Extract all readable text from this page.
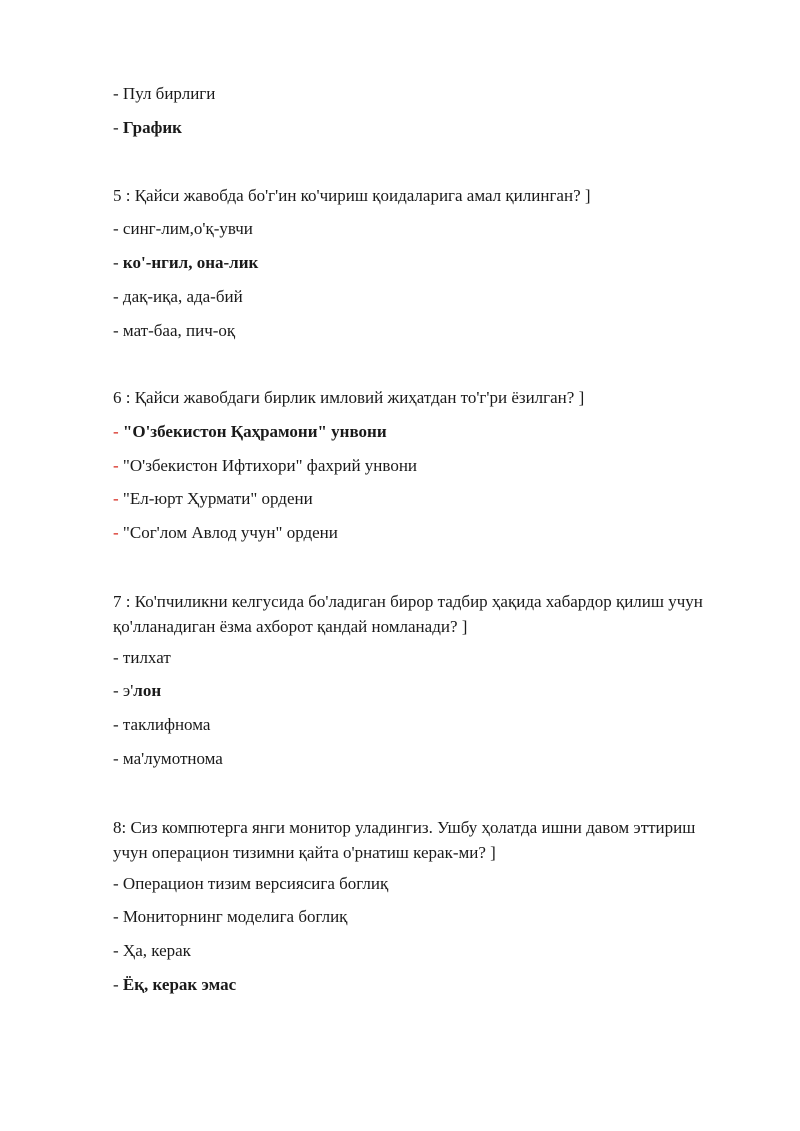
- Пул бирлиги
- График
5 : Қайси жавобда бо'г'ин ко'чириш қоидаларига амал қилинган? ]
- синг-лим,о'қ-увчи
- ко'-нгил, она-лик
- дақ-иқа, ада-бий
- мат-баа, пич-оқ
6 : Қайси жавобдаги бирлик имловий жиҳатдан то'г'ри ёзилган? ]
- "O'збекистон Қаҳрамони" унвони
- "O'збекистон Ифтихори" фахрий унвони
- "Ел-юрт Ҳурмати" ордени
- "Сог'лом Авлод учун" ордени
7 : Ко'пчиликни келгусида бо'ладиган бирор тадбир ҳақида хабардор қилиш учун қо'лланадиган ёзма ахборот қандай номланади? ]
- тилхат
- э'лон
- таклифнома
- ма'лумотнома
8: Сиз компютерга янги монитор уладингиз. Ушбу ҳолатда ишни давом эттириш учун операцион тизимни қайта о'рнатиш керак-ми? ]
- Операцион тизим версиясига боглиқ
- Мониторнинг моделига боглиқ
- Ҳа, керак
- Ёқ, керак эмас
